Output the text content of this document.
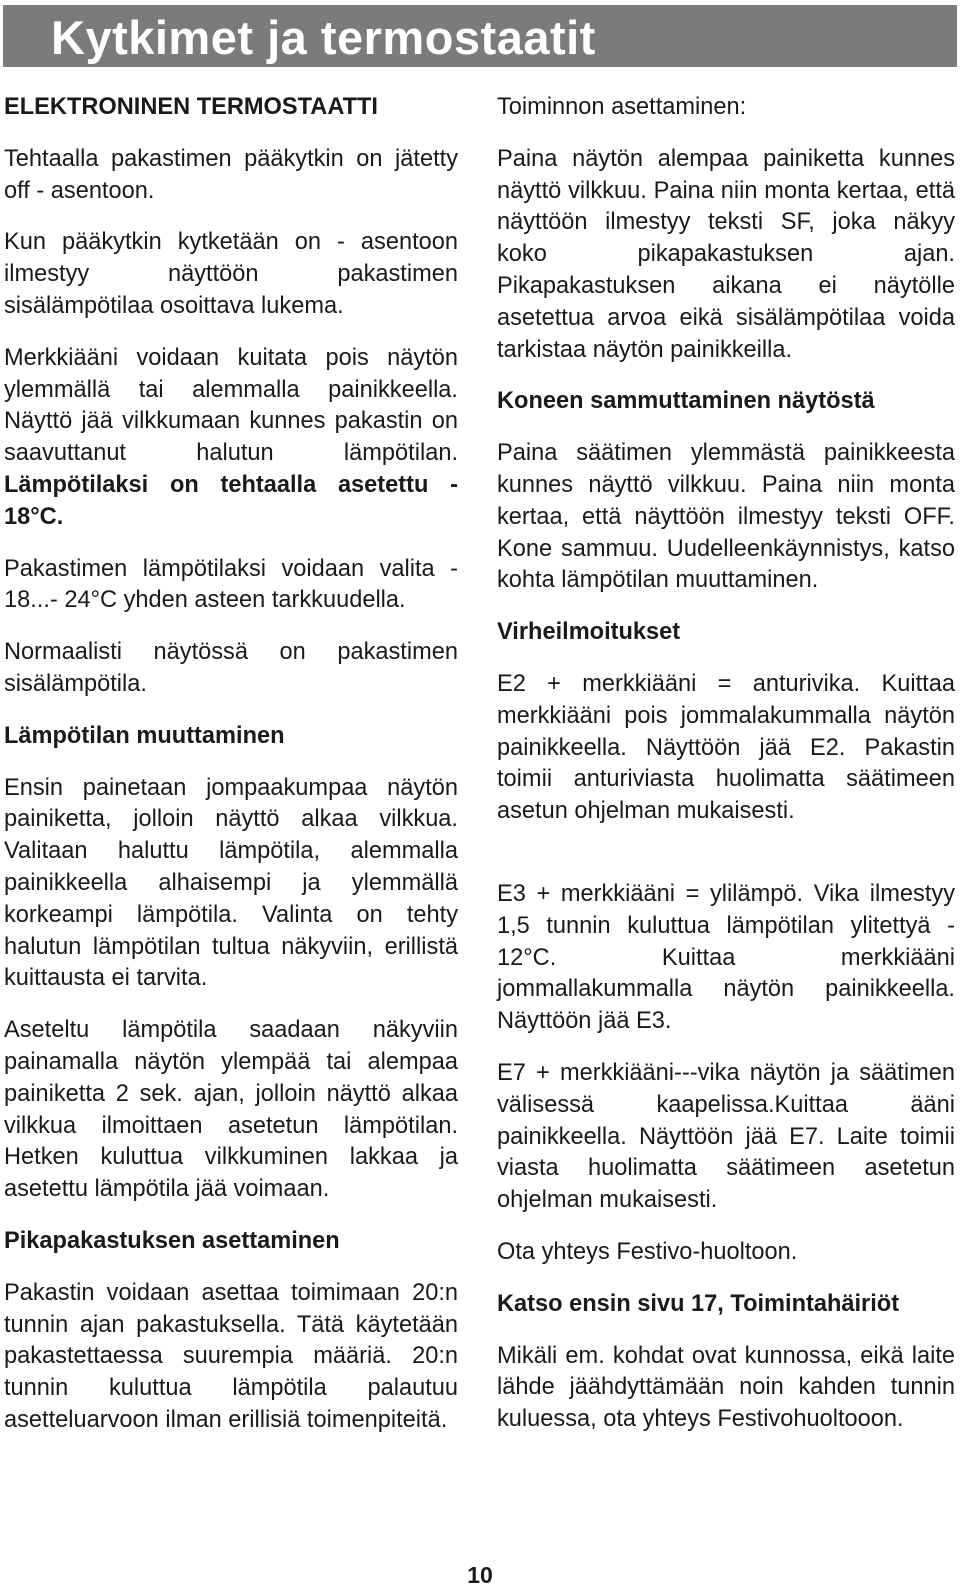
Kytkimet ja termostaatit

ELEKTRONINEN TERMOSTAATTI

Tehtaalla pakastimen pääkytkin on jätetty off - asentoon.

Kun pääkytkin kytketään on - asentoon ilmestyy näyttöön pakastimen sisälämpötilaa osoittava lukema.

Merkkiääni voidaan kuitata pois näytön ylemmällä tai alemmalla painikkeella. Näyttö jää vilkkumaan kunnes pakastin on saavuttanut halutun lämpötilan. Lämpötilaksi on tehtaalla asetettu - 18°C.

Pakastimen lämpötilaksi voidaan valita - 18...- 24°C yhden asteen tarkkuudella.

Normaalisti näytössä on pakastimen sisälämpötila.

Lämpötilan muuttaminen

Ensin painetaan jompaakumpaa näytön painiketta, jolloin näyttö alkaa vilkkua. Valitaan haluttu lämpötila, alemmalla painikkeella alhaisempi ja ylemmällä korkeampi lämpötila. Valinta on tehty halutun lämpötilan tultua näkyviin, erillistä kuittausta ei tarvita.

Aseteltu lämpötila saadaan näkyviin painamalla näytön ylempää tai alempaa painiketta 2 sek. ajan, jolloin näyttö alkaa vilkkua ilmoittaen asetetun lämpötilan. Hetken kuluttua vilkkuminen lakkaa ja asetettu lämpötila jää voimaan.

Pikapakastuksen asettaminen

Pakastin voidaan asettaa toimimaan 20:n tunnin ajan pakastuksella. Tätä käytetään pakastettaessa suurempia määriä. 20:n tunnin kuluttua lämpötila palautuu asetteluarvoon ilman erillisiä toimenpiteitä.

Toiminnon asettaminen:

Paina näytön alempaa painiketta kunnes näyttö vilkkuu. Paina niin monta kertaa, että näyttöön ilmestyy teksti SF, joka näkyy koko pikapakastuksen ajan. Pikapakastuksen aikana ei näytölle asetettua arvoa eikä sisälämpötilaa voida tarkistaa näytön painikkeilla.

Koneen sammuttaminen näytöstä

Paina säätimen ylemmästä painikkeesta kunnes näyttö vilkkuu. Paina niin monta kertaa, että näyttöön ilmestyy teksti OFF. Kone sammuu. Uudelleenkäynnistys, katso kohta lämpötilan muuttaminen.

Virheilmoitukset

E2 + merkkiääni = anturivika. Kuittaa merkkiääni pois jommalakummalla näytön painikkeella. Näyttöön jää E2. Pakastin toimii anturiviasta huolimatta säätimeen asetun ohjelman mukaisesti.

E3 + merkkiääni = ylilämpö. Vika ilmestyy 1,5 tunnin kuluttua lämpötilan ylitettyä - 12°C. Kuittaa merkkiääni jommallakummalla näytön painikkeella. Näyttöön jää E3.

E7 + merkkiääni---vika näytön ja säätimen välisessä kaapelissa.Kuittaa ääni painikkeella. Näyttöön jää E7. Laite toimii viasta huolimatta säätimeen asetetun ohjelman mukaisesti.

Ota yhteys Festivo-huoltoon.

Katso ensin sivu 17, Toimintahäiriöt

Mikäli em. kohdat ovat kunnossa, eikä laite lähde jäähdyttämään noin kahden tunnin kuluessa, ota yhteys Festivohuoltooon.

10
